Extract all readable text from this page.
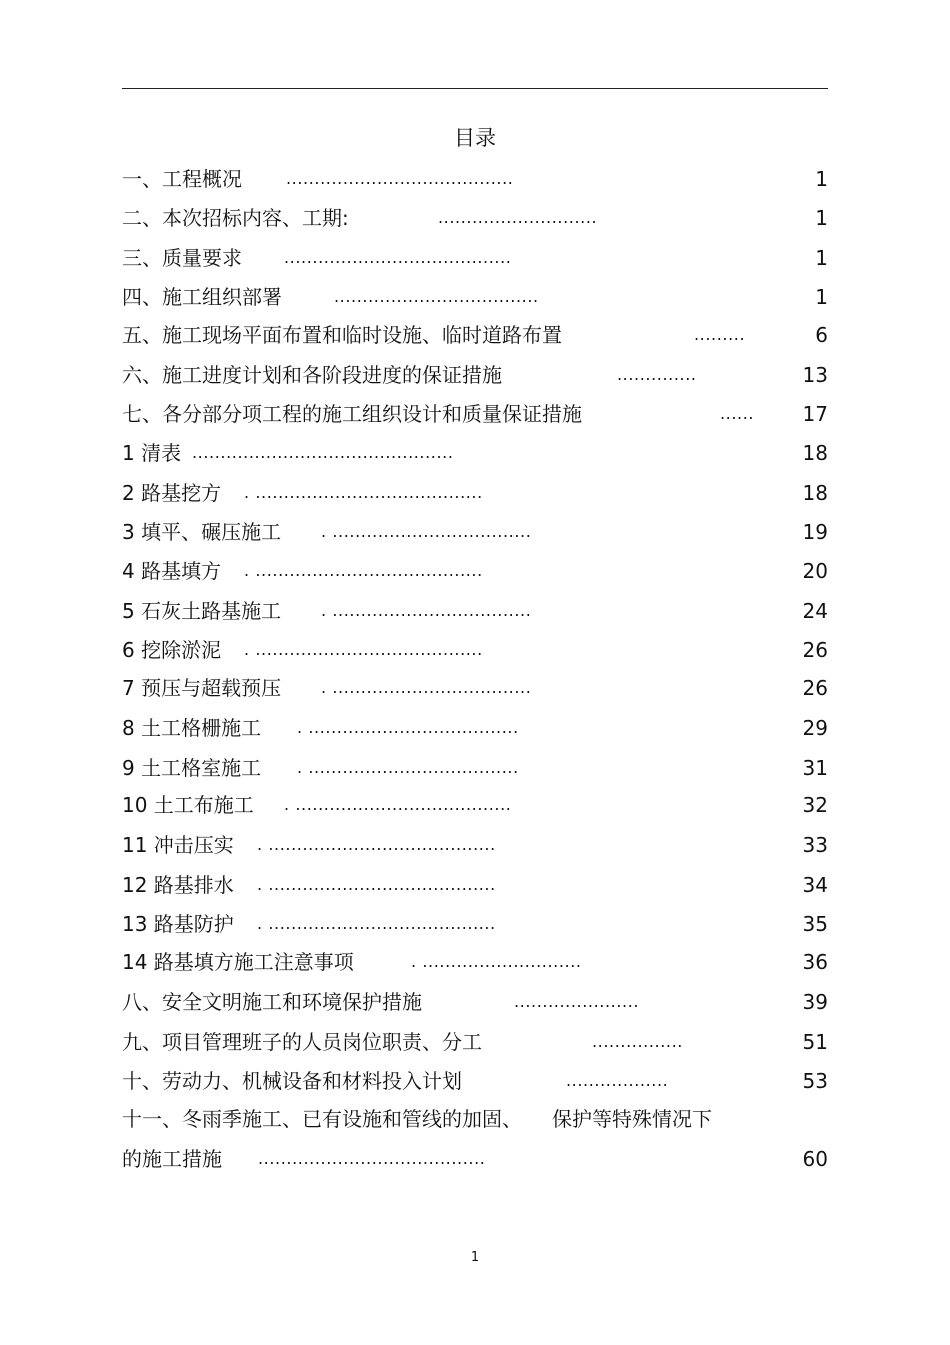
目录
一、工程概况	........................................	1
二、本次招标内容、工期:	............................	1
三、质量要求	........................................	1
四、施工组织部署	....................................	1
五、施工现场平面布置和临时设施、临时道路布置	.........	6
六、施工进度计划和各阶段进度的保证措施	..............	13
七、各分部分项工程的施工组织设计和质量保证措施	...... 17
1 清表 ..............................................	18
2 路基挖方 . ........................................	18
3 填平、碾压施工 . ...................................	19
4 路基填方 . ........................................	20
5 石灰土路基施工 . ...................................	24
6 挖除淤泥 . ........................................	26
7 预压与超载预压 . ...................................	26
8 土工格栅施工 . .....................................	29
9 土工格室施工 . .....................................	31
10 土工布施工 . ......................................	32
11 冲击压实 . ........................................	33
12 路基排水 . ........................................	34
13 路基防护 . ........................................	35
14 路基填方施工注意事项	. ............................	36
八、安全文明施工和环境保护措施	......................	39
九、项目管理班子的人员岗位职责、分工	................	51
十、劳动力、机械设备和材料投入计划	..................	53
十一、冬雨季施工、已有设施和管线的加固、　　保护等特殊情况下
的施工措施 ........................................	60
1
